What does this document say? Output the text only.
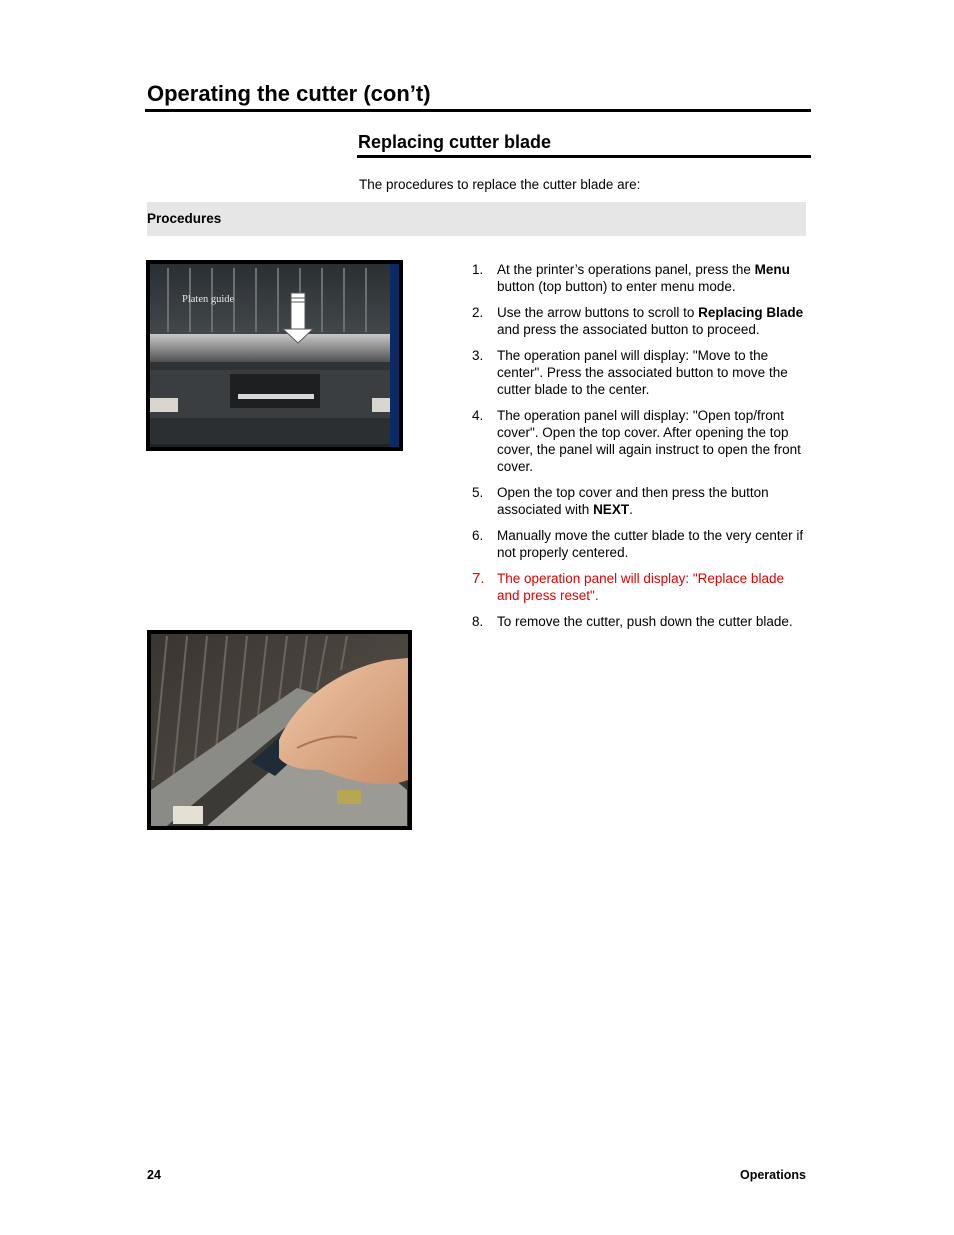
Operating the cutter (con’t)
Replacing cutter blade
The procedures to replace the cutter blade are:
Procedures
Platen guide
1.	At the printer’s operations panel, press the Menu button (top button) to enter menu mode.
2.	Use the arrow buttons to scroll to Replacing Blade and press the associated button to proceed.
3.	The operation panel will display: "Move to the center". Press the associated button to move the cutter blade to the center.
4.	The operation panel will display: "Open top/front cover". Open the top cover. After opening the top cover, the panel will again instruct to open the front cover.
5.	Open the top cover and then press the button associated with NEXT.
6.	Manually move the cutter blade to the very center if not properly centered.
7. The operation panel will display: "Replace blade and press reset".
8.	To remove the cutter, push down the cutter blade.
24	Operations
